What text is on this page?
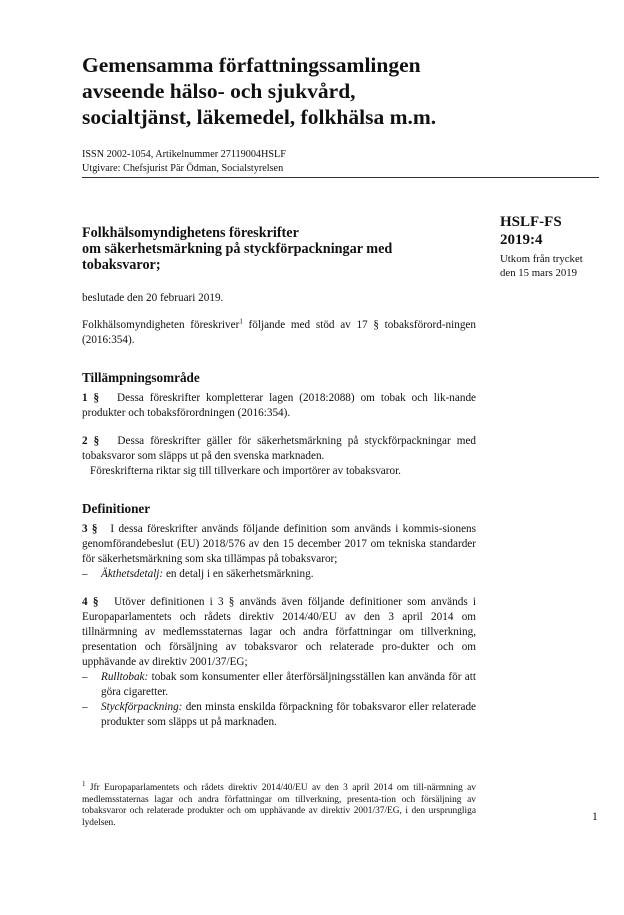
Gemensamma författningssamlingen
avseende hälso- och sjukvård,
socialtjänst, läkemedel, folkhälsa m.m.
ISSN 2002-1054, Artikelnummer 27119004HSLF
Utgivare: Chefsjurist Pär Ödman, Socialstyrelsen
HSLF-FS
2019:4
Utkom från trycket
den 15 mars 2019
Folkhälsomyndighetens föreskrifter
om säkerhetsmärkning på styckförpackningar med
tobaksvaror;

beslutade den 20 februari 2019.

Folkhälsomyndigheten föreskriver$^1$ följande med stöd av 17 § tobaksförord-ningen (2016:354).

Tillämpningsområde

1 § Dessa föreskrifter kompletterar lagen (2018:2088) om tobak och lik-nande produkter och tobaksförordningen (2016:354).

2 § Dessa föreskrifter gäller för säkerhetsmärkning på styckförpackningar med tobaksvaror som släpps ut på den svenska marknaden.

Föreskrifterna riktar sig till tillverkare och importörer av tobaksvaror.

Definitioner

3 § I dessa föreskrifter används följande definition som används i kommis-sionens genomförandebeslut (EU) 2018/576 av den 15 december 2017 om tekniska standarder för säkerhetsmärkning som ska tillämpas på tobaksvaror;

–	Äkthetsdetalj: en detalj i en säkerhetsmärkning.

4 § Utöver definitionen i 3 § används även följande definitioner som används i Europaparlamentets och rådets direktiv 2014/40/EU av den 3 april 2014 om tillnärmning av medlemsstaternas lagar och andra författningar om tillverkning, presentation och försäljning av tobaksvaror och relaterade pro-dukter och om upphävande av direktiv 2001/37/EG;

–	Rulltobak: tobak som konsumenter eller återförsäljningsställen kan använda för att göra cigaretter.
–	Styckförpackning: den minsta enskilda förpackning för tobaksvaror eller relaterade produkter som släpps ut på marknaden.
$^1$ Jfr Europaparlamentets och rådets direktiv 2014/40/EU av den 3 april 2014 om till-närmning av medlemsstaternas lagar och andra författningar om tillverkning, presenta-tion och försäljning av tobaksvaror och relaterade produkter och om upphävande av direktiv 2001/37/EG, i den ursprungliga lydelsen.	1
